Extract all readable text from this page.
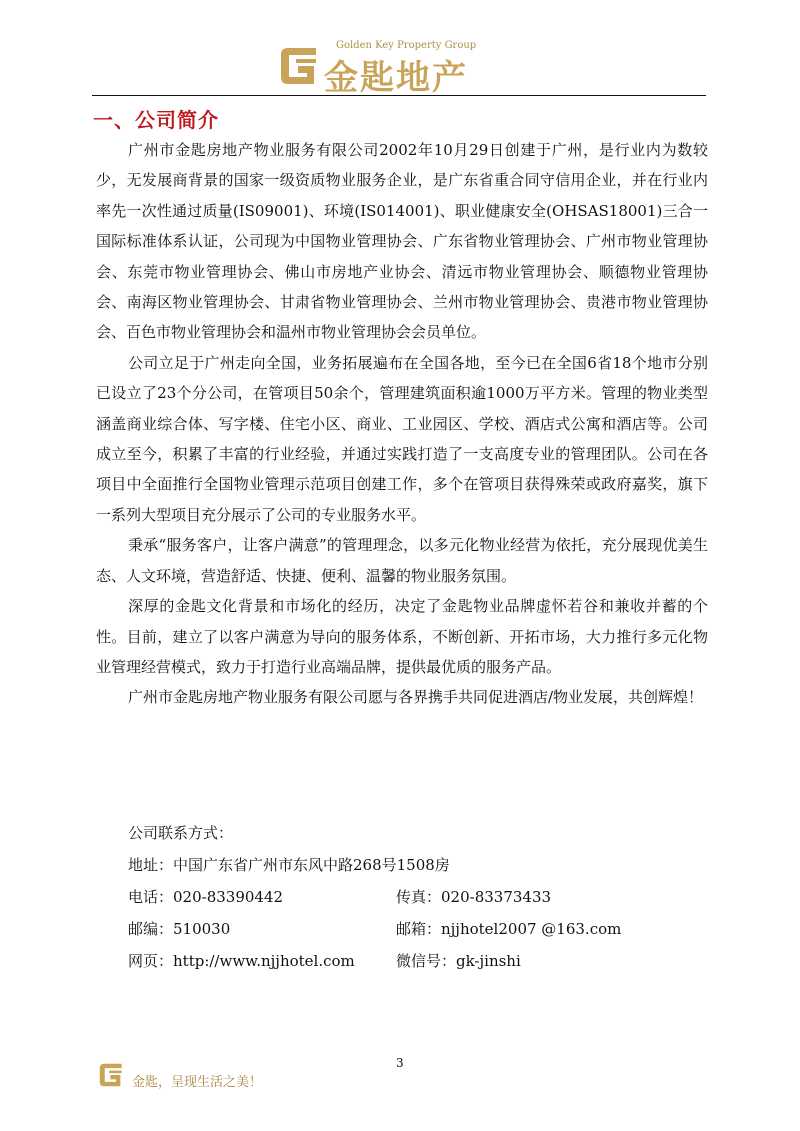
Golden Key Property Group
金匙地产
一、公司简介

广州市金匙房地产物业服务有限公司2002年10月29日创建于广州，是行业内为数较少，无发展商背景的国家一级资质物业服务企业，是广东省重合同守信用企业，并在行业内率先一次性通过质量(IS09001)、环境(IS014001)、职业健康安全(OHSAS18001)三合一国际标准体系认证，公司现为中国物业管理协会、广东省物业管理协会、广州市物业管理协会、东莞市物业管理协会、佛山市房地产业协会、清远市物业管理协会、顺德物业管理协会、南海区物业管理协会、甘肃省物业管理协会、兰州市物业管理协会、贵港市物业管理协会、百色市物业管理协会和温州市物业管理协会会员单位。

公司立足于广州走向全国，业务拓展遍布在全国各地，至今已在全国6省18个地市分别已设立了23个分公司，在管项目50余个，管理建筑面积逾1000万平方米。管理的物业类型涵盖商业综合体、写字楼、住宅小区、商业、工业园区、学校、酒店式公寓和酒店等。公司成立至今，积累了丰富的行业经验，并通过实践打造了一支高度专业的管理团队。公司在各项目中全面推行全国物业管理示范项目创建工作，多个在管项目获得殊荣或政府嘉奖，旗下一系列大型项目充分展示了公司的专业服务水平。

秉承“服务客户，让客户满意”的管理理念，以多元化物业经营为依托，充分展现优美生态、人文环境，营造舒适、快捷、便利、温馨的物业服务氛围。

深厚的金匙文化背景和市场化的经历，决定了金匙物业品牌虚怀若谷和兼收并蓄的个性。目前，建立了以客户满意为导向的服务体系，不断创新、开拓市场，大力推行多元化物业管理经营模式，致力于打造行业高端品牌，提供最优质的服务产品。

广州市金匙房地产物业服务有限公司愿与各界携手共同促进酒店/物业发展，共创辉煌！

公司联系方式：
地址：中国广东省广州市东风中路268号1508房
电话：020-83390442	传真：020-83373433
邮编：510030	邮箱：njjhotel2007 @163.com
网页：http://www.njjhotel.com	微信号：gk-jinshi
3
金匙，呈现生活之美！
